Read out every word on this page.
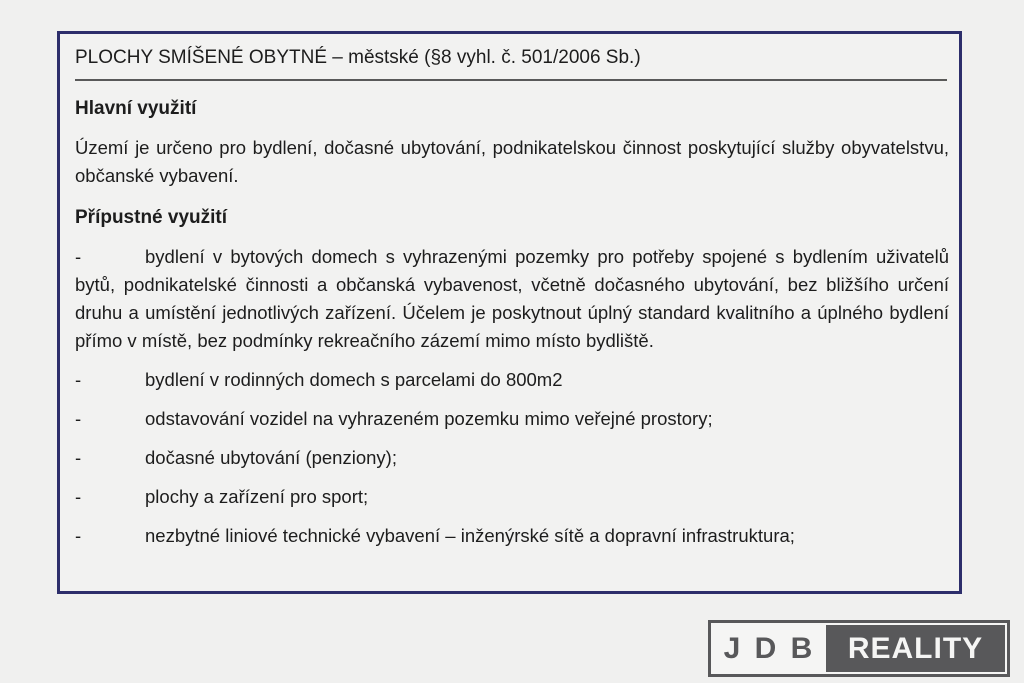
PLOCHY SMÍŠENÉ OBYTNÉ – městské (§8 vyhl. č. 501/2006 Sb.)
Hlavní využití

Území je určeno pro bydlení, dočasné ubytování, podnikatelskou činnost poskytující služby obyvatelstvu, občanské vybavení.

Přípustné využití

-	bydlení v bytových domech s vyhrazenými pozemky pro potřeby spojené s bydlením uživatelů bytů, podnikatelské činnosti a občanská vybavenost, včetně dočasného ubytování, bez bližšího určení druhu a umístění jednotlivých zařízení. Účelem je poskytnout úplný standard kvalitního a úplného bydlení přímo v místě, bez podmínky rekreačního zázemí mimo místo bydliště.

-	bydlení v rodinných domech s parcelami do 800m2

-	odstavování vozidel na vyhrazeném pozemku mimo veřejné prostory;

-	dočasné ubytování (penziony);

-	plochy a zařízení pro sport;

-	nezbytné liniové technické vybavení – inženýrské sítě a dopravní infrastruktura;

J D B	REALITY
